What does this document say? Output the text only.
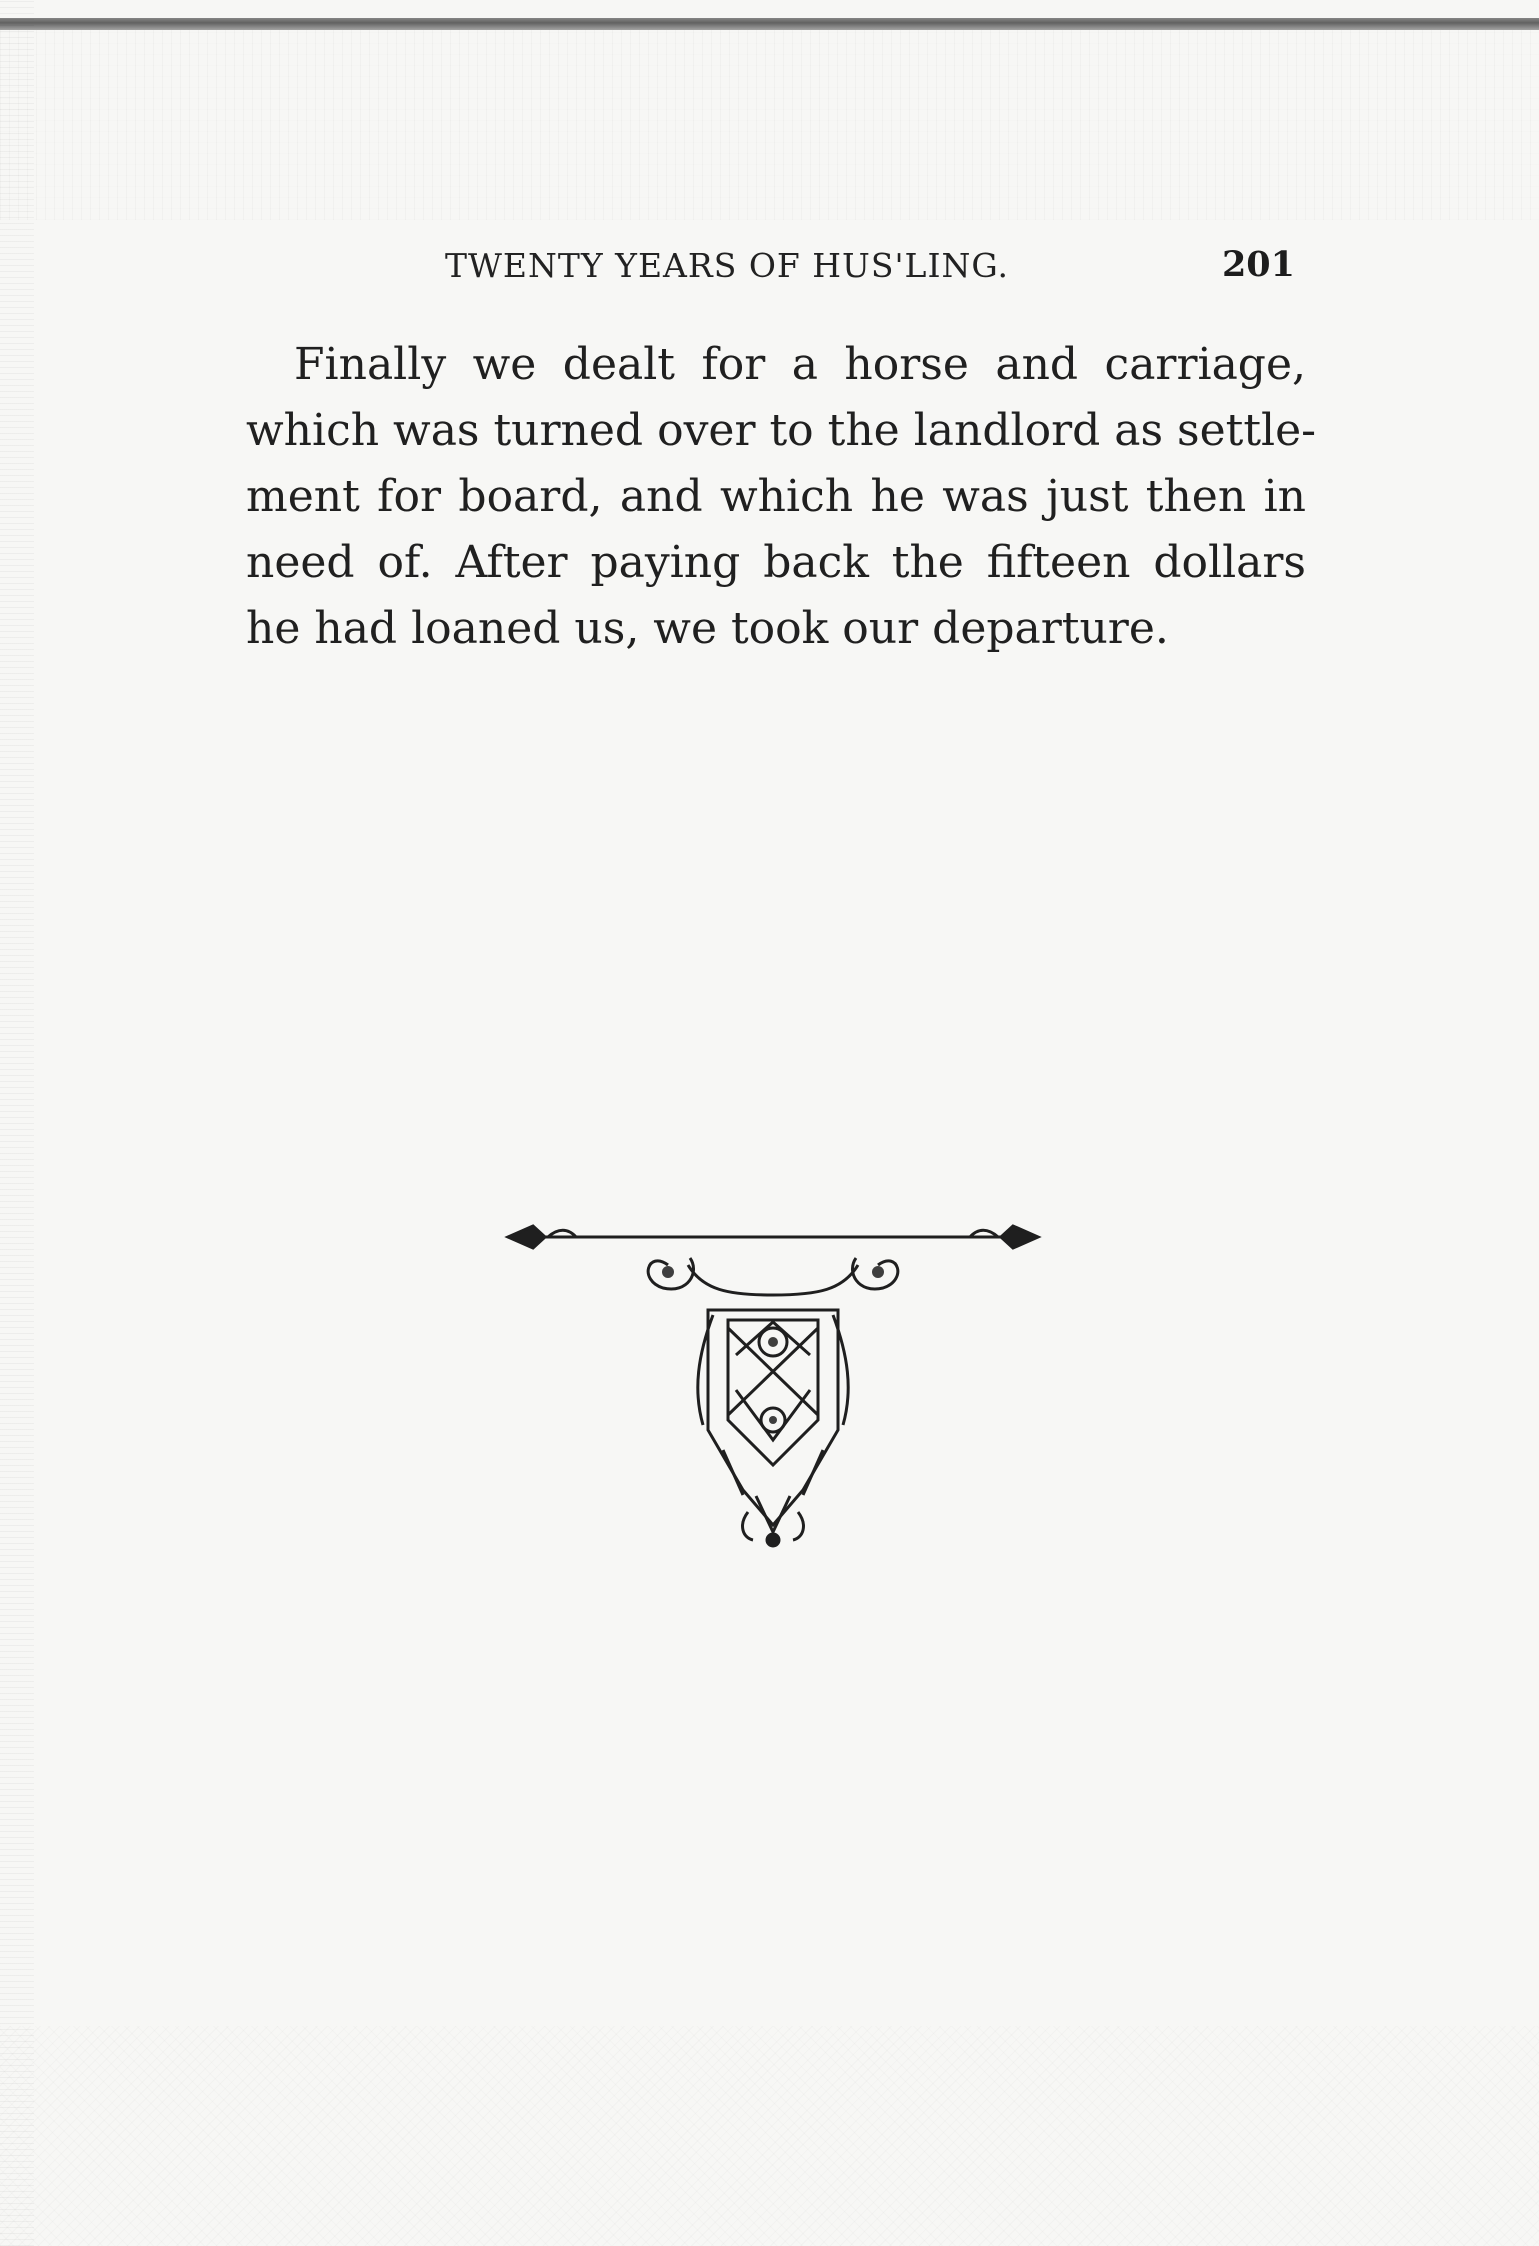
TWENTY YEARS OF HUS'LING.	201
Finally we dealt for a horse and carriage,
which was turned over to the landlord as settle-
ment for board, and which he was just then in
need of. After paying back the fifteen dollars
he had loaned us, we took our departure.
